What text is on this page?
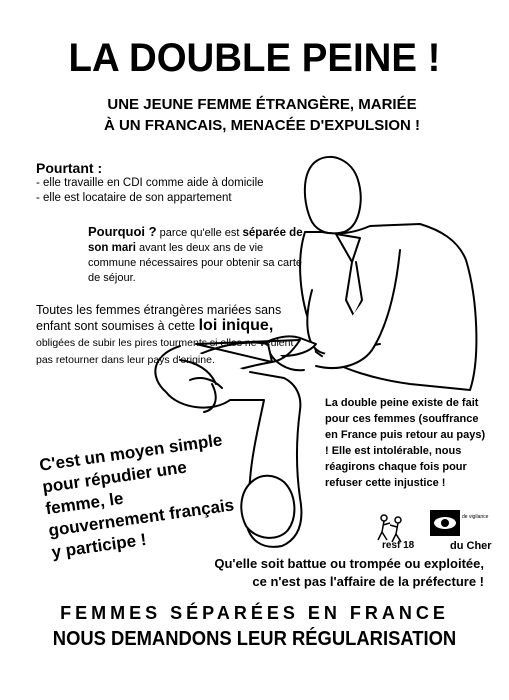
LA DOUBLE PEINE !
UNE JEUNE FEMME ÉTRANGÈRE, MARIÉE
À UN FRANCAIS, MENACÉE D'EXPULSION !
Pourtant :
- elle travaille en CDI comme aide à domicile
- elle est locataire de son appartement
Pourquoi ? parce qu'elle est séparée de son mari avant les deux ans de vie commune nécessaires pour obtenir sa carte de séjour.
Toutes les femmes étrangères mariées sans enfant sont soumises à cette loi inique, obligées de subir les pires tourments si elles ne veulent pas retourner dans leur pays d'origine.
C'est un moyen simple pour répudier une femme, le gouvernement français y participe !
La double peine existe de fait pour ces femmes (souffrance en France puis retour au pays) ! Elle est intolérable, nous réagirons chaque fois pour refuser cette injustice !
resf 18
de vigilance
du Cher
Qu'elle soit battue ou trompée ou exploitée,
ce n'est pas l'affaire de la préfecture !
FEMMES SÉPARÉES EN FRANCE
NOUS DEMANDONS LEUR RÉGULARISATION
